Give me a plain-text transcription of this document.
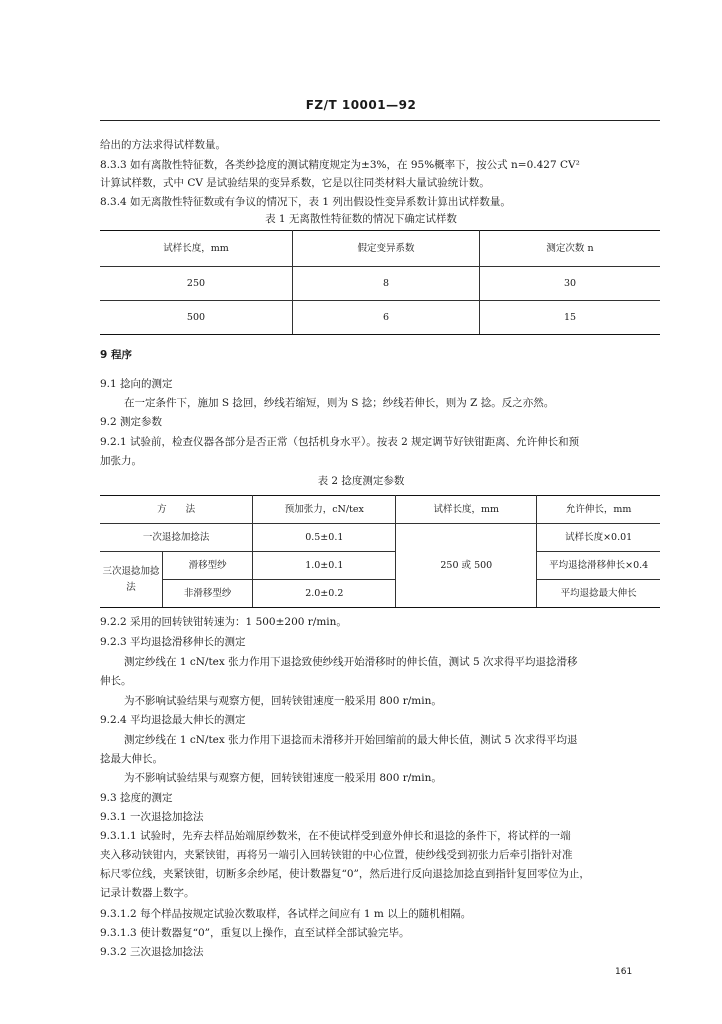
FZ/T 10001—92
给出的方法求得试样数量。
8.3.3 如有离散性特征数，各类纱捻度的测试精度规定为±3%，在 95%概率下，按公式 n=0.427 CV²
计算试样数，式中 CV 是试验结果的变异系数，它是以往同类材料大量试验统计数。
8.3.4 如无离散性特征数或有争议的情况下，表 1 列出假设性变异系数计算出试样数量。
表 1 无离散性特征数的情况下确定试样数
试样长度，mm	假定变异系数	测定次数 n
250	8	30
500	6	15
9 程序
9.1 捻向的测定
在一定条件下，施加 S 捻回，纱线若缩短，则为 S 捻；纱线若伸长，则为 Z 捻。反之亦然。
9.2 测定参数
9.2.1 试验前，检查仪器各部分是否正常（包括机身水平）。按表 2 规定调节好铗钳距离、允许伸长和预
加张力。
表 2 捻度测定参数
方　　法		预加张力，cN/tex	试样长度，mm	允许伸长，mm
一次退捻加捻法		0.5±0.1	250 或 500	试样长度×0.01
三次退捻加捻法	滑移型纱	1.0±0.1		平均退捻滑移伸长×0.4
	非滑移型纱	2.0±0.2		平均退捻最大伸长
9.2.2 采用的回转铗钳转速为：1 500±200 r/min。
9.2.3 平均退捻滑移伸长的测定
测定纱线在 1 cN/tex 张力作用下退捻致使纱线开始滑移时的伸长值，测试 5 次求得平均退捻滑移
伸长。
为不影响试验结果与观察方便，回转铗钳速度一般采用 800 r/min。
9.2.4 平均退捻最大伸长的测定
测定纱线在 1 cN/tex 张力作用下退捻而未滑移并开始回缩前的最大伸长值，测试 5 次求得平均退
捻最大伸长。
为不影响试验结果与观察方便，回转铗钳速度一般采用 800 r/min。
9.3 捻度的测定
9.3.1 一次退捻加捻法
9.3.1.1 试验时，先弃去样品始端原纱数米，在不使试样受到意外伸长和退捻的条件下，将试样的一端
夹入移动铗钳内，夹紧铗钳，再将另一端引入回转铗钳的中心位置，使纱线受到初张力后牵引指针对准
标尺零位线，夹紧铗钳，切断多余纱尾，使计数器复“0”，然后进行反向退捻加捻直到指针复回零位为止，
记录计数器上数字。
9.3.1.2 每个样品按规定试验次数取样，各试样之间应有 1 m 以上的随机相隔。
9.3.1.3 使计数器复“0”，重复以上操作，直至试样全部试验完毕。
9.3.2 三次退捻加捻法
161
